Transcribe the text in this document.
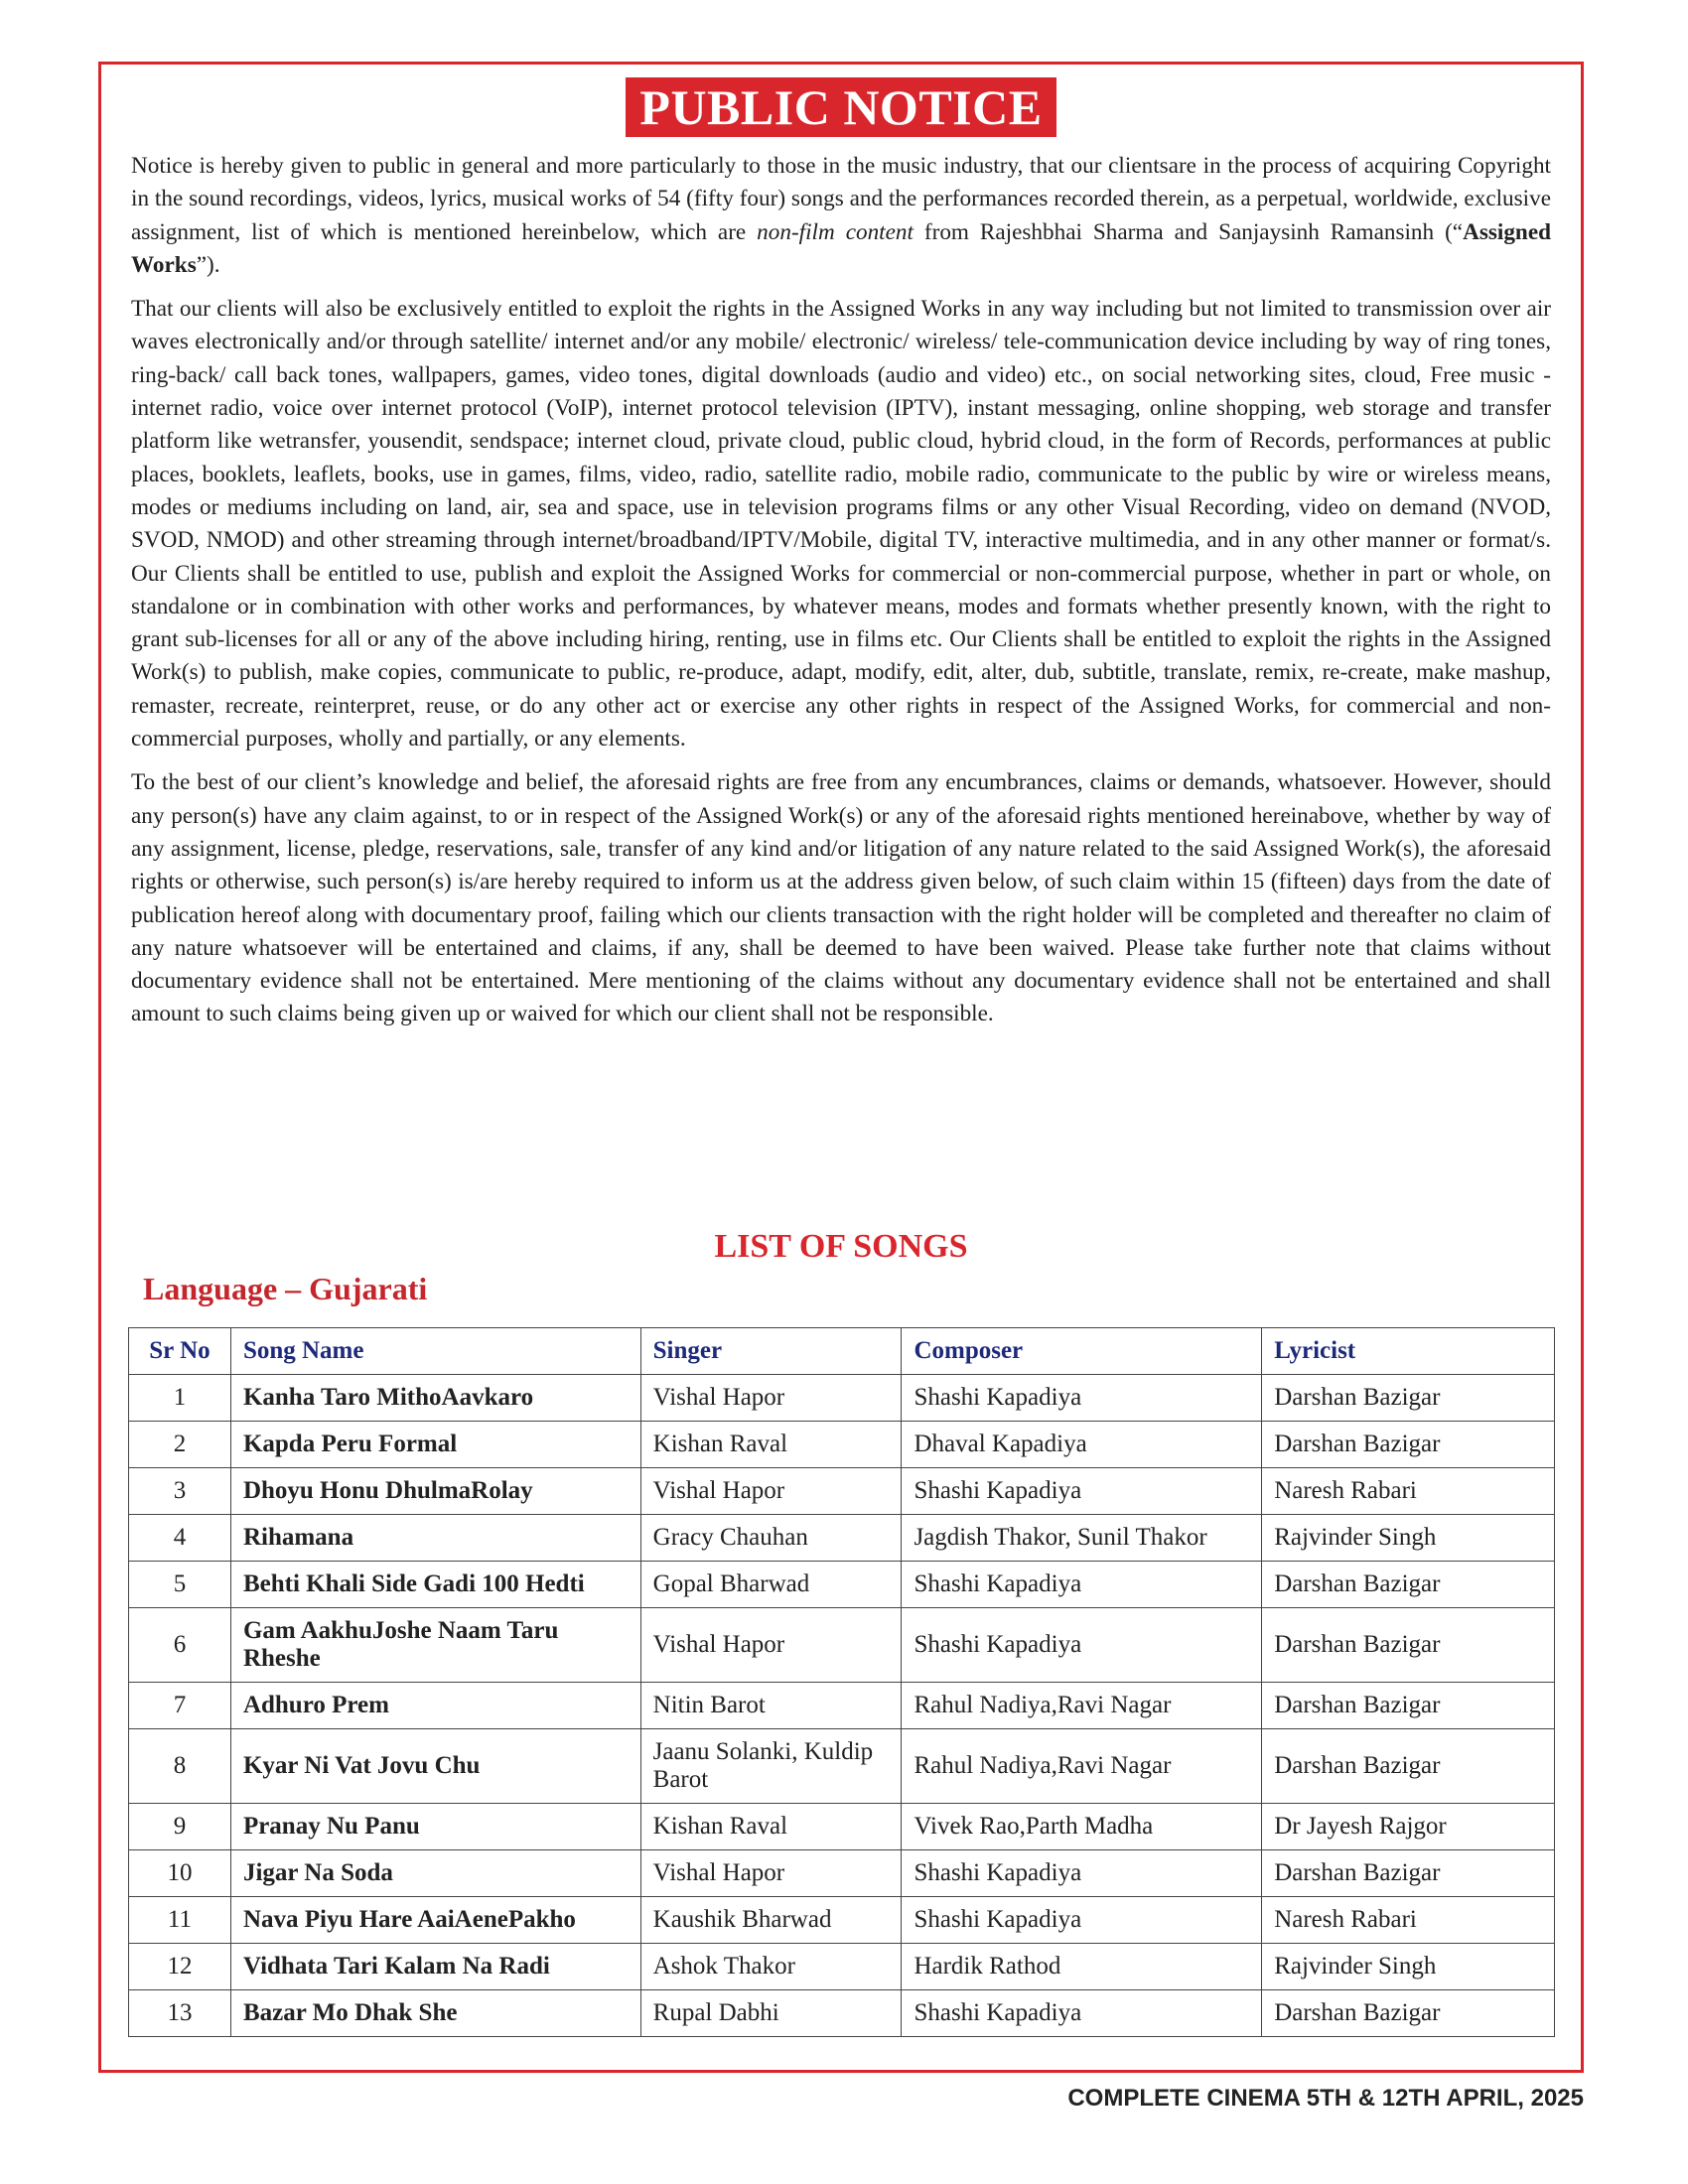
PUBLIC NOTICE

Notice is hereby given to public in general and more particularly to those in the music industry, that our clientsare in the process of acquiring Copyright in the sound recordings, videos, lyrics, musical works of 54 (fifty four) songs and the performances recorded therein, as a perpetual, worldwide, exclusive assignment, list of which is mentioned hereinbelow, which are non-film content from Rajeshbhai Sharma and Sanjaysinh Ramansinh (“Assigned Works”).

That our clients will also be exclusively entitled to exploit the rights in the Assigned Works in any way including but not limited to transmission over air waves electronically and/or through satellite/ internet and/or any mobile/ electronic/ wireless/ tele-communication device including by way of ring tones, ring-back/ call back tones, wallpapers, games, video tones, digital downloads (audio and video) etc., on social networking sites, cloud, Free music - internet radio, voice over internet protocol (VoIP), internet protocol television (IPTV), instant messaging, online shopping, web storage and transfer platform like wetransfer, yousendit, sendspace; internet cloud, private cloud, public cloud, hybrid cloud, in the form of Records, performances at public places, booklets, leaflets, books, use in games, films, video, radio, satellite radio, mobile radio, communicate to the public by wire or wireless means, modes or mediums including on land, air, sea and space, use in television programs films or any other Visual Recording, video on demand (NVOD, SVOD, NMOD) and other streaming through internet/broadband/IPTV/Mobile, digital TV, interactive multimedia, and in any other manner or format/s. Our Clients shall be entitled to use, publish and exploit the Assigned Works for commercial or non-commercial purpose, whether in part or whole, on standalone or in combination with other works and performances, by whatever means, modes and formats whether presently known, with the right to grant sub-licenses for all or any of the above including hiring, renting, use in films etc. Our Clients shall be entitled to exploit the rights in the Assigned Work(s) to publish, make copies, communicate to public, re-produce, adapt, modify, edit, alter, dub, subtitle, translate, remix, re-create, make mashup, remaster, recreate, reinterpret, reuse, or do any other act or exercise any other rights in respect of the Assigned Works, for commercial and non-commercial purposes, wholly and partially, or any elements.

To the best of our client’s knowledge and belief, the aforesaid rights are free from any encumbrances, claims or demands, whatsoever. However, should any person(s) have any claim against, to or in respect of the Assigned Work(s) or any of the aforesaid rights mentioned hereinabove, whether by way of any assignment, license, pledge, reservations, sale, transfer of any kind and/or litigation of any nature related to the said Assigned Work(s), the aforesaid rights or otherwise, such person(s) is/are hereby required to inform us at the address given below, of such claim within 15 (fifteen) days from the date of publication hereof along with documentary proof, failing which our clients transaction with the right holder will be completed and thereafter no claim of any nature whatsoever will be entertained and claims, if any, shall be deemed to have been waived. Please take further note that claims without documentary evidence shall not be entertained. Mere mentioning of the claims without any documentary evidence shall not be entertained and shall amount to such claims being given up or waived for which our client shall not be responsible.

LIST OF SONGS
Language – Gujarati
Sr No	Song Name	Singer	Composer	Lyricist
1	Kanha Taro MithoAavkaro	Vishal Hapor	Shashi Kapadiya	Darshan Bazigar
2	Kapda Peru Formal	Kishan Raval	Dhaval Kapadiya	Darshan Bazigar
3	Dhoyu Honu DhulmaRolay	Vishal Hapor	Shashi Kapadiya	Naresh Rabari
4	Rihamana	Gracy Chauhan	Jagdish Thakor, Sunil Thakor	Rajvinder Singh
5	Behti Khali Side Gadi 100 Hedti	Gopal Bharwad	Shashi Kapadiya	Darshan Bazigar
6	Gam AakhuJoshe Naam Taru Rheshe	Vishal Hapor	Shashi Kapadiya	Darshan Bazigar
7	Adhuro Prem	Nitin Barot	Rahul Nadiya,Ravi Nagar	Darshan Bazigar
8	Kyar Ni Vat Jovu Chu	Jaanu Solanki, Kuldip Barot	Rahul Nadiya,Ravi Nagar	Darshan Bazigar
9	Pranay Nu Panu	Kishan Raval	Vivek Rao,Parth Madha	Dr Jayesh Rajgor
10	Jigar Na Soda	Vishal Hapor	Shashi Kapadiya	Darshan Bazigar
11	Nava Piyu Hare AaiAenePakho	Kaushik Bharwad	Shashi Kapadiya	Naresh Rabari
12	Vidhata Tari Kalam Na Radi	Ashok Thakor	Hardik Rathod	Rajvinder Singh
13	Bazar Mo Dhak She	Rupal Dabhi	Shashi Kapadiya	Darshan Bazigar
COMPLETE CINEMA 5TH & 12TH APRIL, 2025
